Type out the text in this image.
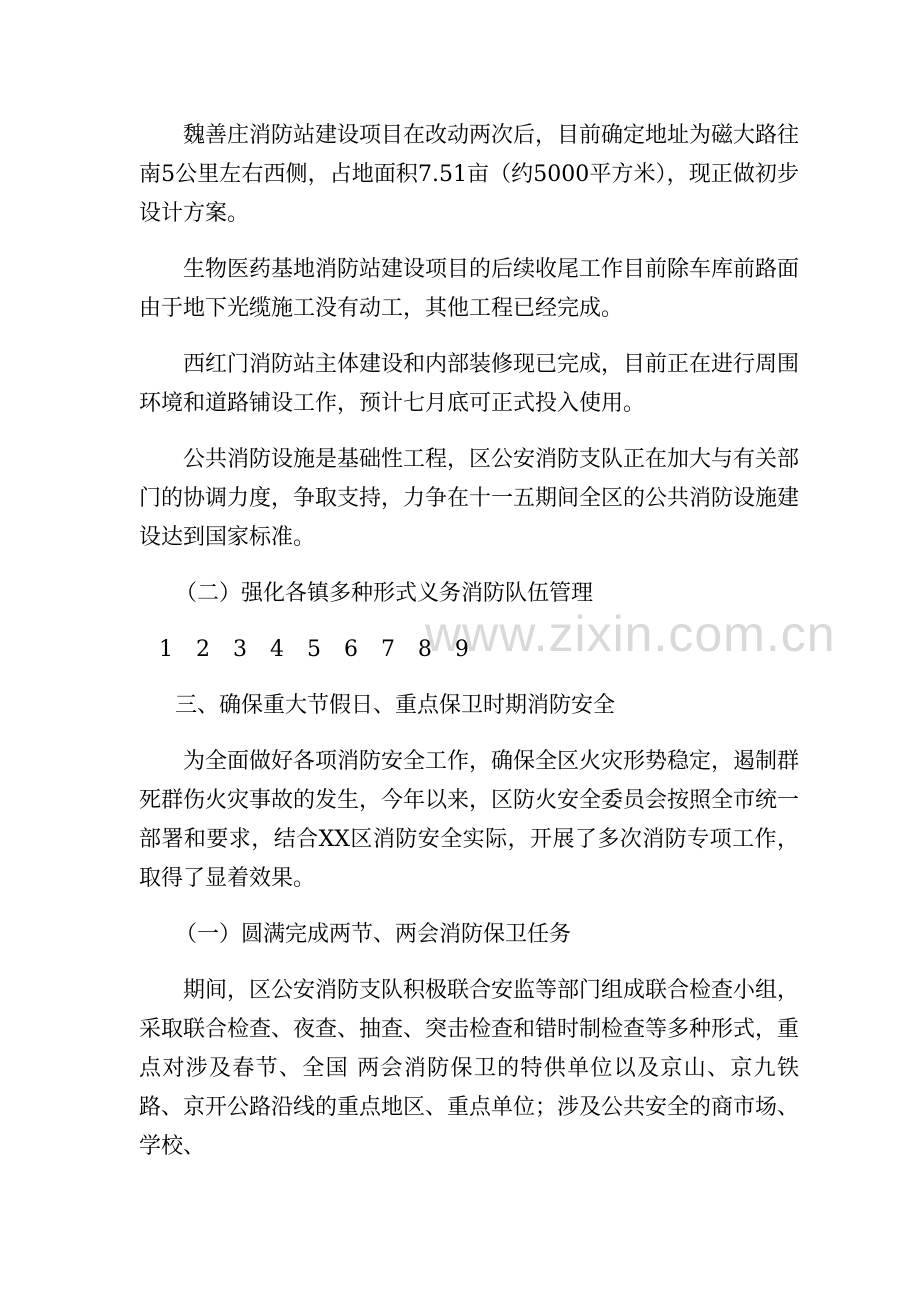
魏善庄消防站建设项目在改动两次后，目前确定地址为磁大路往南5公里左右西侧，占地面积7.51亩（约5000平方米），现正做初步设计方案。

生物医药基地消防站建设项目的后续收尾工作目前除车库前路面由于地下光缆施工没有动工，其他工程已经完成。

西红门消防站主体建设和内部装修现已完成，目前正在进行周围环境和道路铺设工作，预计七月底可正式投入使用。

公共消防设施是基础性工程，区公安消防支队正在加大与有关部门的协调力度，争取支持，力争在十一五期间全区的公共消防设施建设达到国家标准。

（二）强化各镇多种形式义务消防队伍管理

1 2 3 4 5 6 7 8 9

三、确保重大节假日、重点保卫时期消防安全

为全面做好各项消防安全工作，确保全区火灾形势稳定，遏制群死群伤火灾事故的发生，今年以来，区防火安全委员会按照全市统一部署和要求，结合XX区消防安全实际，开展了多次消防专项工作，取得了显着效果。

（一）圆满完成两节、两会消防保卫任务

期间，区公安消防支队积极联合安监等部门组成联合检查小组，采取联合检查、夜查、抽查、突击检查和错时制检查等多种形式，重点对涉及春节、全国 两会消防保卫的特供单位以及京山、京九铁路、京开公路沿线的重点地区、重点单位；涉及公共安全的商市场、学校、

www.zixin.com.cn
